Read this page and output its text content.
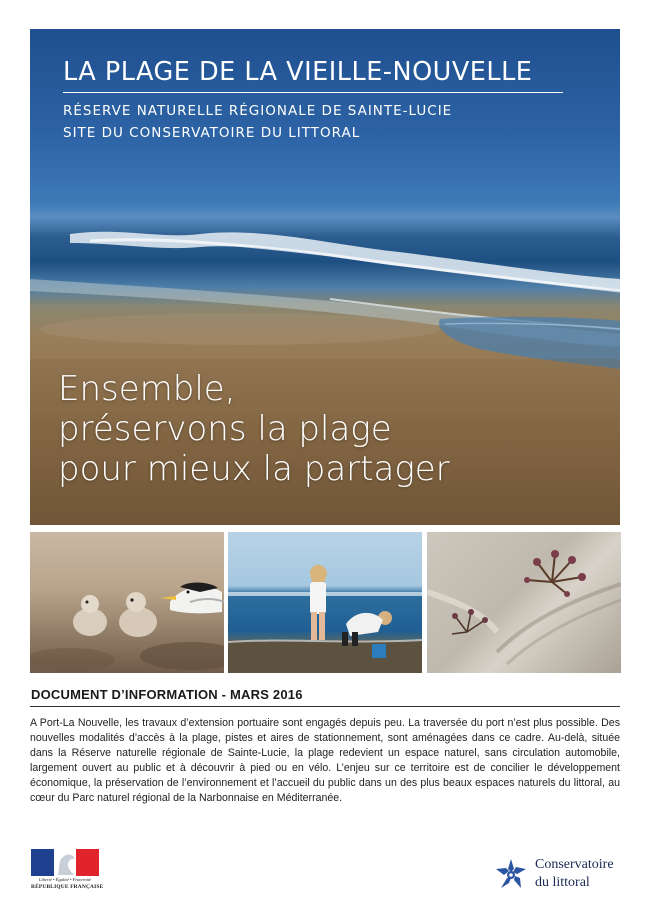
LA PLAGE DE LA VIEILLE-NOUVELLE
RÉSERVE NATURELLE RÉGIONALE DE SAINTE-LUCIE
SITE DU CONSERVATOIRE DU LITTORAL
Ensemble,
préservons la plage
pour mieux la partager
DOCUMENT D’INFORMATION - MARS 2016
A Port-La Nouvelle, les travaux d’extension portuaire sont engagés depuis peu. La traversée du port n’est plus possible. Des nouvelles modalités d’accès à la plage, pistes et aires de stationnement, sont aménagées dans ce cadre. Au-delà, située dans la Réserve naturelle régionale de Sainte-Lucie, la plage redevient un espace naturel, sans circulation automobile, largement ouvert au public et à découvrir à pied ou en vélo. L’enjeu sur ce territoire est de concilier le développement économique, la préservation de l’environnement et l’accueil du public dans un des plus beaux espaces naturels du littoral, au cœur du Parc naturel régional de la Narbonnaise en Méditerranée.
Liberté • Égalité • Fraternité
RÉPUBLIQUE FRANÇAISE
Conservatoire
du littoral
